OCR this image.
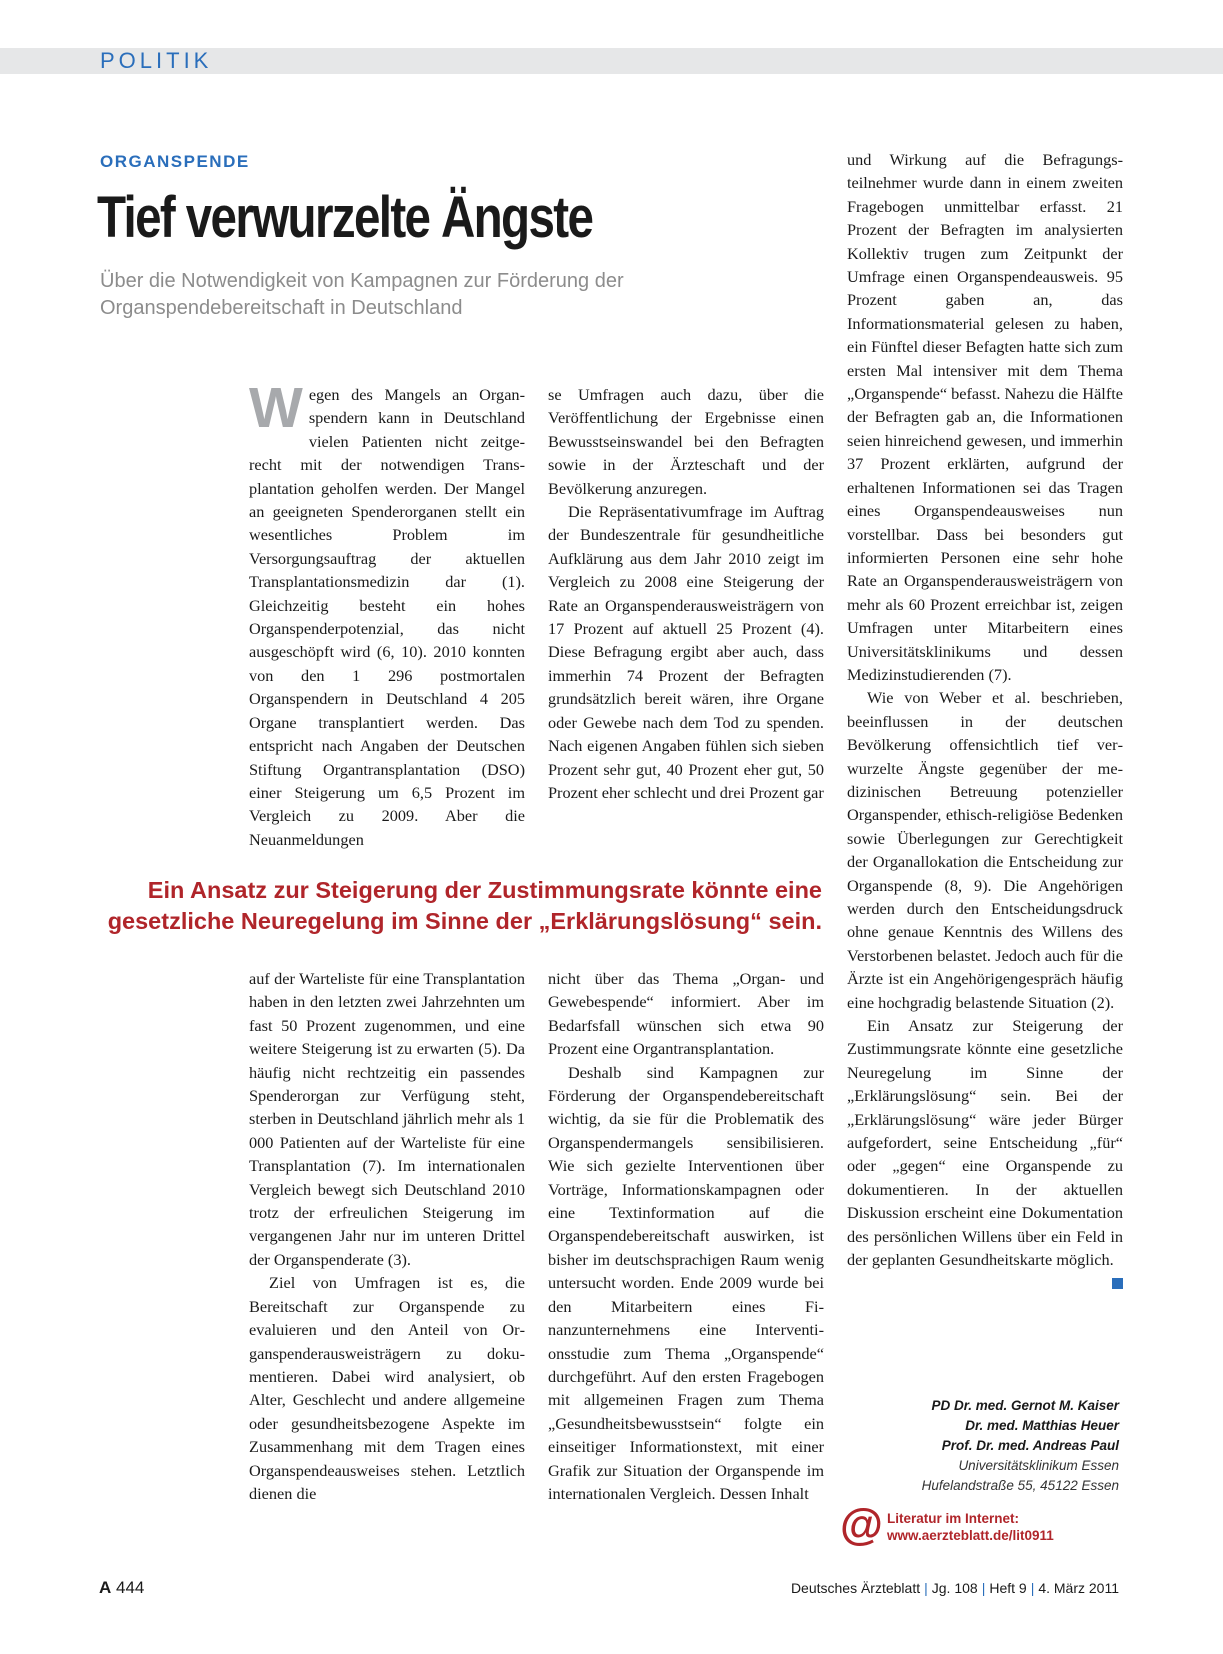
POLITIK
ORGANSPENDE
Tief verwurzelte Ängste
Über die Notwendigkeit von Kampagnen zur Förderung der Organspendebereitschaft in Deutschland

Wegen des Mangels an Organspendern kann in Deutschland vielen Patienten nicht zeitgerecht mit der notwendigen Transplantation geholfen werden. Der Mangel an geeigneten Spenderorganen stellt ein wesentliches Problem im Versorgungsauftrag der aktuellen Transplantationsmedizin dar (1). Gleichzeitig besteht ein hohes Organspenderpotenzial, das nicht ausgeschöpft wird (6, 10). 2010 konnten von den 1 296 postmortalen Organspendern in Deutschland 4 205 Organe transplantiert werden. Das entspricht nach Angaben der Deutschen Stiftung Organtransplantation (DSO) einer Steigerung um 6,5 Prozent im Vergleich zu 2009. Aber die Neuanmeldungen

se Umfragen auch dazu, über die Veröffentlichung der Ergebnisse einen Bewusstseinswandel bei den Befragten sowie in der Ärzteschaft und der Bevölkerung anzuregen.

Die Repräsentativumfrage im Auftrag der Bundeszentrale für gesundheitliche Aufklärung aus dem Jahr 2010 zeigt im Vergleich zu 2008 eine Steigerung der Rate an Organspenderausweisträgern von 17 Prozent auf aktuell 25 Prozent (4). Diese Befragung ergibt aber auch, dass immerhin 74 Prozent der Befragten grundsätzlich bereit wären, ihre Organe oder Gewebe nach dem Tod zu spenden. Nach eigenen Angaben fühlen sich sieben Prozent sehr gut, 40 Prozent eher gut, 50 Prozent eher schlecht und drei Prozent gar

Ein Ansatz zur Steigerung der Zustimmungsrate könnte eine gesetzliche Neuregelung im Sinne der „Erklärungslösung“ sein.

auf der Warteliste für eine Transplantation haben in den letzten zwei Jahrzehnten um fast 50 Prozent zugenommen, und eine weitere Steigerung ist zu erwarten (5). Da häufig nicht rechtzeitig ein passendes Spenderorgan zur Verfügung steht, sterben in Deutschland jährlich mehr als 1 000 Patienten auf der Warteliste für eine Transplantation (7). Im internationalen Vergleich bewegt sich Deutschland 2010 trotz der erfreulichen Steigerung im vergangenen Jahr nur im unteren Drittel der Organspenderate (3).

Ziel von Umfragen ist es, die Bereitschaft zur Organspende zu evaluieren und den Anteil von Organspenderausweisträgern zu dokumentieren. Dabei wird analysiert, ob Alter, Geschlecht und andere allgemeine oder gesundheitsbezogene Aspekte im Zusammenhang mit dem Tragen eines Organspendeausweises stehen. Letztlich dienen die

nicht über das Thema „Organ- und Gewebespende“ informiert. Aber im Bedarfsfall wünschen sich etwa 90 Prozent eine Organtransplantation.

Deshalb sind Kampagnen zur Förderung der Organspendebereitschaft wichtig, da sie für die Problematik des Organspendermangels sensibilisieren. Wie sich gezielte Interventionen über Vorträge, Informationskampagnen oder eine Textinformation auf die Organspendebereitschaft auswirken, ist bisher im deutschsprachigen Raum wenig untersucht worden. Ende 2009 wurde bei den Mitarbeitern eines Finanzunternehmens eine Interventionsstudie zum Thema „Organspende“ durchgeführt. Auf den ersten Fragebogen mit allgemeinen Fragen zum Thema „Gesundheitsbewusstsein“ folgte ein einseitiger Informationstext, mit einer Grafik zur Situation der Organspende im internationalen Vergleich. Dessen Inhalt

und Wirkung auf die Befragungsteilnehmer wurde dann in einem zweiten Fragebogen unmittelbar erfasst. 21 Prozent der Befragten im analysierten Kollektiv trugen zum Zeitpunkt der Umfrage einen Organspendeausweis. 95 Prozent gaben an, das Informationsmaterial gelesen zu haben, ein Fünftel dieser Befagten hatte sich zum ersten Mal intensiver mit dem Thema „Organspende“ befasst. Nahezu die Hälfte der Befragten gab an, die Informationen seien hinreichend gewesen, und immerhin 37 Prozent erklärten, aufgrund der erhaltenen Informationen sei das Tragen eines Organspendeausweises nun vorstellbar. Dass bei besonders gut informierten Personen eine sehr hohe Rate an Organspenderausweisträgern von mehr als 60 Prozent erreichbar ist, zeigen Umfragen unter Mitarbeitern eines Universitätsklinikums und dessen Medizinstudierenden (7).

Wie von Weber et al. beschrieben, beeinflussen in der deutschen Bevölkerung offensichtlich tief verwurzelte Ängste gegenüber der medizinischen Betreuung potenzieller Organspender, ethisch-religiöse Bedenken sowie Überlegungen zur Gerechtigkeit der Organallokation die Entscheidung zur Organspende (8, 9). Die Angehörigen werden durch den Entscheidungsdruck ohne genaue Kenntnis des Willens des Verstorbenen belastet. Jedoch auch für die Ärzte ist ein Angehörigengespräch häufig eine hochgradig belastende Situation (2).

Ein Ansatz zur Steigerung der Zustimmungsrate könnte eine gesetzliche Neuregelung im Sinne der „Erklärungslösung“ sein. Bei der „Erklärungslösung“ wäre jeder Bürger aufgefordert, seine Entscheidung „für“ oder „gegen“ eine Organspende zu dokumentieren. In der aktuellen Diskussion erscheint eine Dokumentation des persönlichen Willens über ein Feld in der geplanten Gesundheitskarte möglich.

PD Dr. med. Gernot M. Kaiser
Dr. med. Matthias Heuer
Prof. Dr. med. Andreas Paul
Universitätsklinikum Essen
Hufelandstraße 55, 45122 Essen
@ Literatur im Internet:
www.aerzteblatt.de/lit0911
A 444	Deutsches Ärzteblatt | Jg. 108 | Heft 9 | 4. März 2011
